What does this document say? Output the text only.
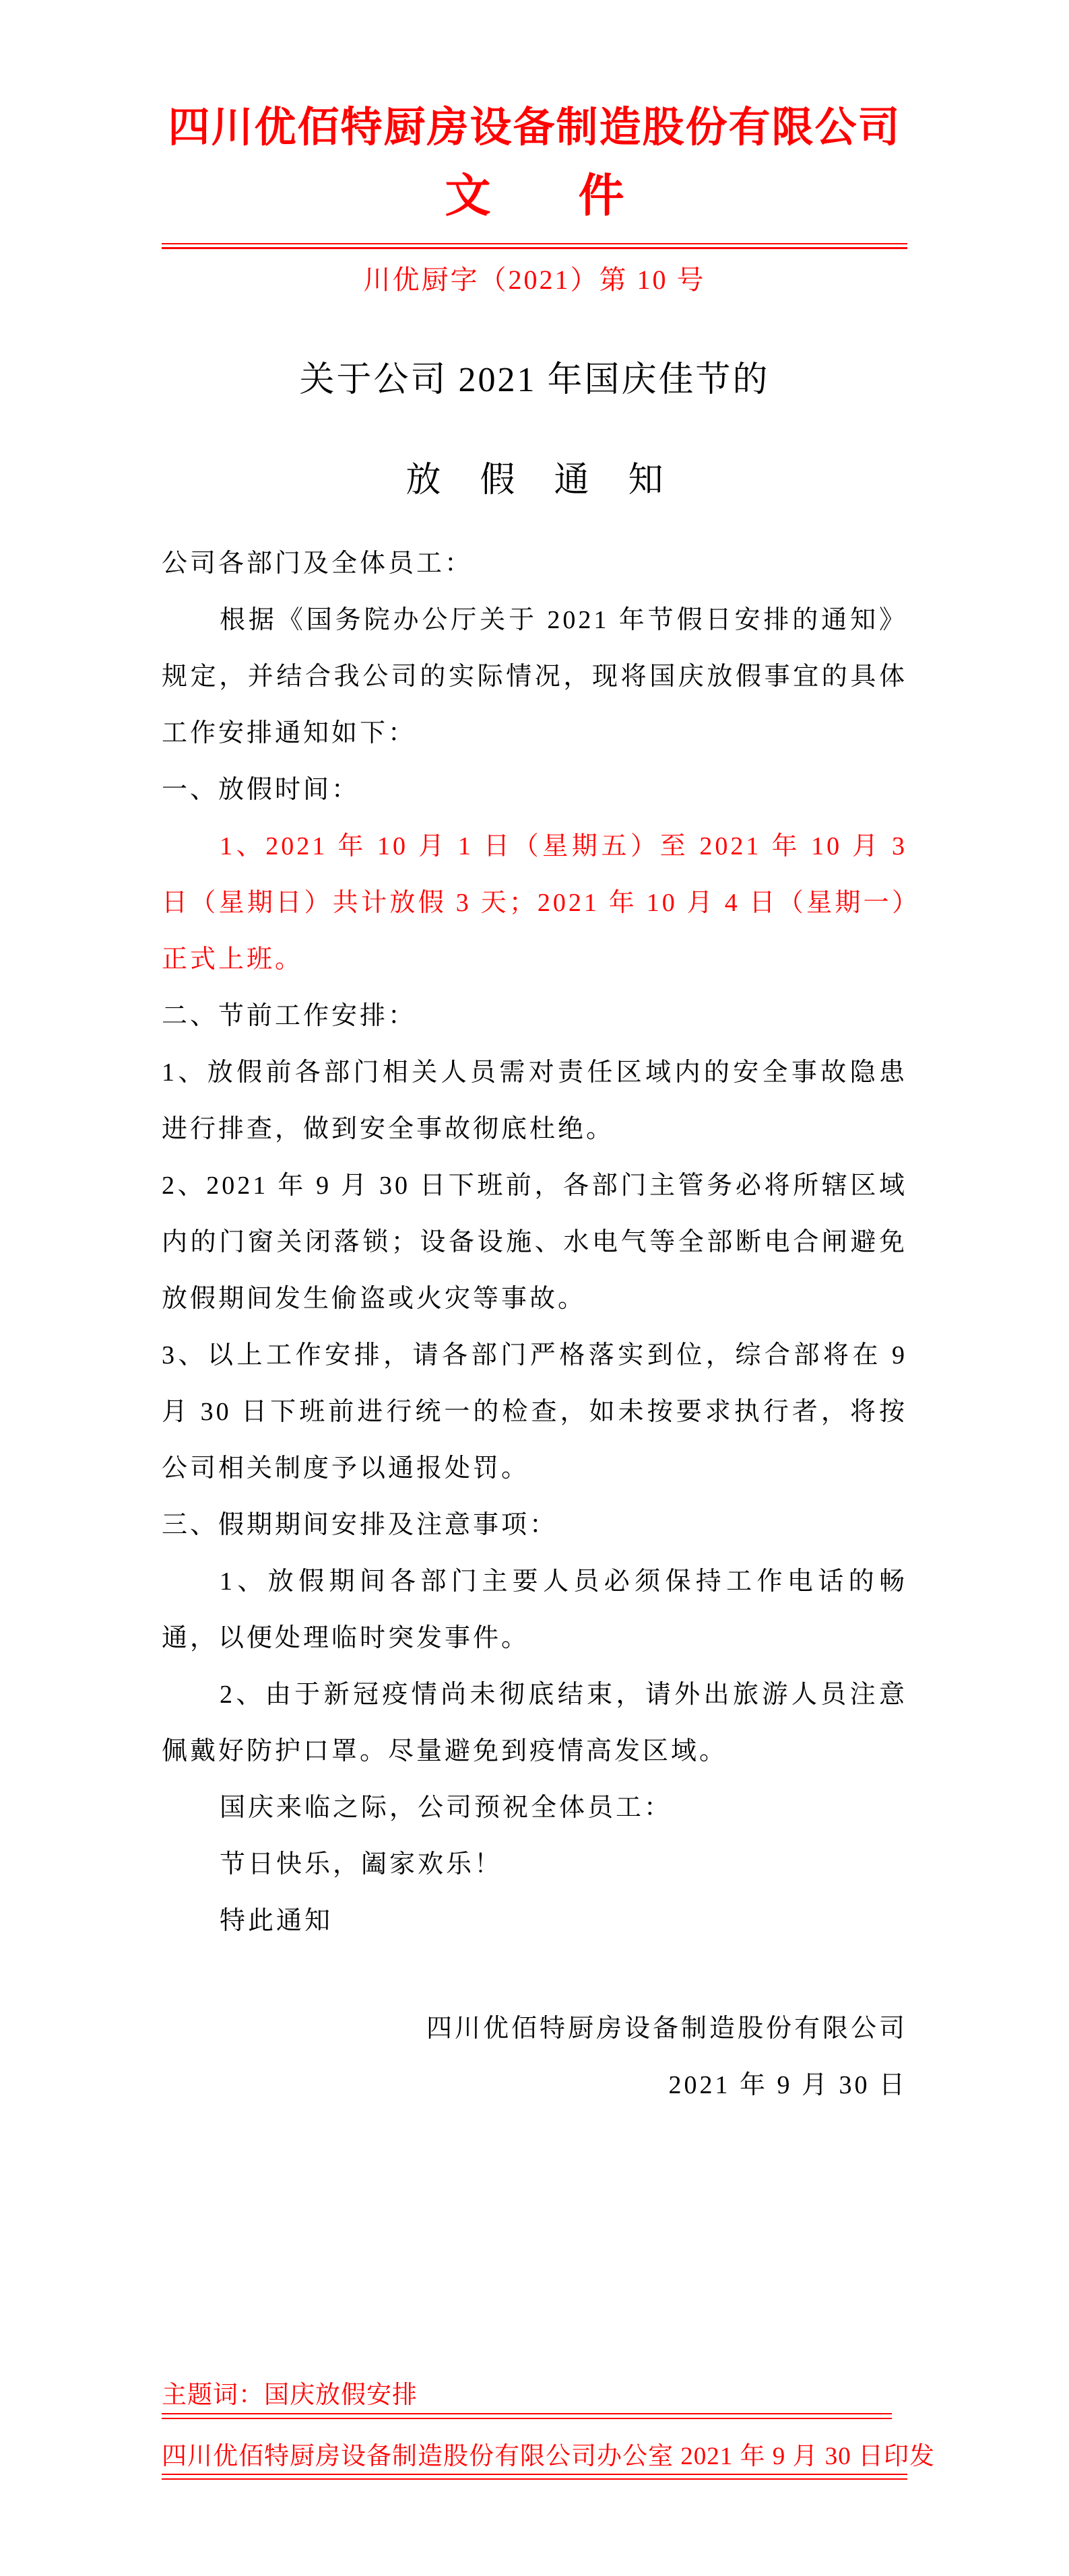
四川优佰特厨房设备制造股份有限公司
文件
川优厨字（2021）第 10 号
关于公司 2021 年国庆佳节的
放假通知

公司各部门及全体员工：

根据《国务院办公厅关于 2021 年节假日安排的通知》规定，并结合我公司的实际情况，现将国庆放假事宜的具体工作安排通知如下：

一、放假时间：

1、2021 年 10 月 1 日（星期五）至 2021 年 10 月 3 日（星期日）共计放假 3 天；2021 年 10 月 4 日（星期一）正式上班。

二、节前工作安排：

1、放假前各部门相关人员需对责任区域内的安全事故隐患进行排查，做到安全事故彻底杜绝。

2、2021 年 9 月 30 日下班前，各部门主管务必将所辖区域内的门窗关闭落锁；设备设施、水电气等全部断电合闸避免放假期间发生偷盗或火灾等事故。

3、以上工作安排，请各部门严格落实到位，综合部将在 9 月 30 日下班前进行统一的检查，如未按要求执行者，将按公司相关制度予以通报处罚。

三、假期期间安排及注意事项：

1、放假期间各部门主要人员必须保持工作电话的畅通，以便处理临时突发事件。

2、由于新冠疫情尚未彻底结束，请外出旅游人员注意佩戴好防护口罩。尽量避免到疫情高发区域。

国庆来临之际，公司预祝全体员工：

节日快乐，阖家欢乐！

特此通知

四川优佰特厨房设备制造股份有限公司
2021 年 9 月 30 日
主题词：国庆放假安排
四川优佰特厨房设备制造股份有限公司办公室 2021 年 9 月 30 日印发
